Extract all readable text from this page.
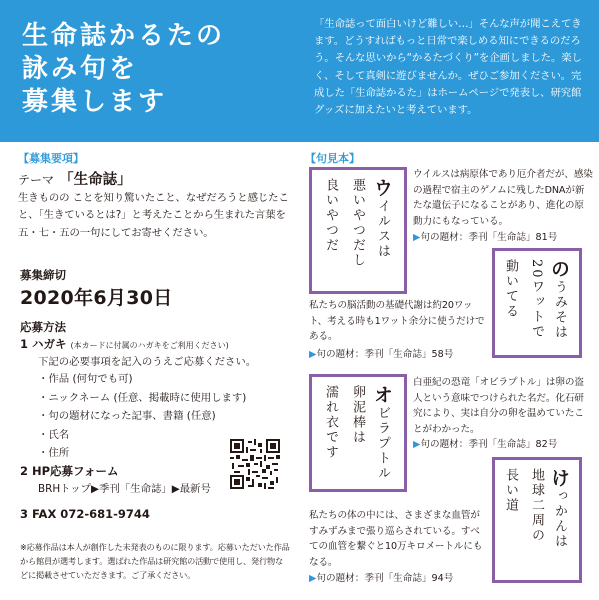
生命誌かるたの
詠み句を
募集します
「生命誌って面白いけど難しい…」そんな声が聞こえてきます。どうすればもっと日常で楽しめる知にできるのだろう。そんな思いから“かるたづくり”を企画しました。楽しく、そして真剣に遊びませんか。ぜひご参加ください。完成した「生命誌かるた」はホームページで発表し、研究館グッズに加えたいと考えています。
【募集要項】
テーマ 「生命誌」
生きものの ことを知り驚いたこと、なぜだろうと感じたこと、「生きているとは?」と考えたことから生まれた言葉を五・七・五の一句にしてお寄せください。
募集締切
2020年6月30日
応募方法
1 ハガキ (本カードに付属のハガキをご利用ください)
下記の必要事項を記入のうえご応募ください。
・作品 (何句でも可)
・ニックネーム (任意、掲載時に使用します)
・句の題材になった記事、書籍 (任意)
・氏名
・住所
2 HP応募フォーム
BRHトップ▶季刊「生命誌」▶最新号
3 FAX 072-681-9744
※応募作品は本人が創作した未発表のものに限ります。応募いただいた作品から館員が選考します。選ばれた作品は研究館の活動で使用し、発行物などに掲載させていただきます。ご了承ください。
【句見本】
ウイルスは
悪いやつだし
良いやつだ
ウイルスは病原体であり厄介者だが、感染の過程で宿主のゲノムに残したDNAが新たな遺伝子になることがあり、進化の原動力にもなっている。
▶句の題材：季刊「生命誌」81号
のうみそは
20ワットで
動いてる
私たちの脳活動の基礎代謝は約20ワット、考える時も1ワット余分に使うだけである。
▶句の題材：季刊「生命誌」58号
オビラプトル
卵泥棒は
濡れ衣です
白亜紀の恐竜「オビラプトル」は卵の盗人という意味でつけられた名だ。化石研究により、実は自分の卵を温めていたことがわかった。
▶句の題材：季刊「生命誌」82号
けっかんは
地球二周の
長い道
私たちの体の中には、さまざまな血管がすみずみまで張り巡らされている。すべての血管を繋ぐと10万キロメートルにもなる。
▶句の題材：季刊「生命誌」94号
